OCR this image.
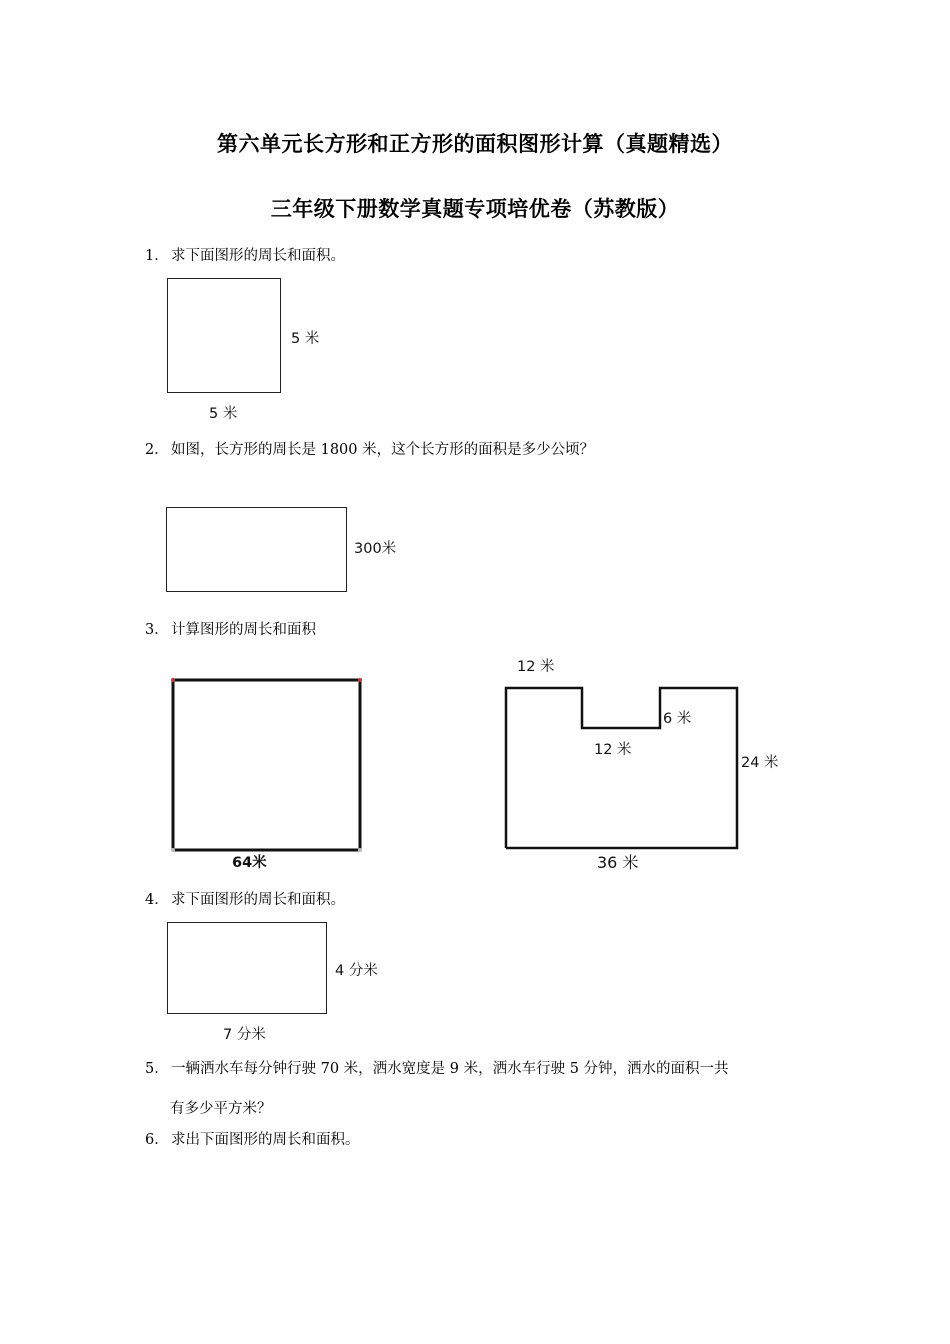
第六单元长方形和正方形的面积图形计算（真题精选）
三年级下册数学真题专项培优卷（苏教版）
1． 求下面图形的周长和面积。
5 米
5 米
2． 如图，长方形的周长是 1800 米，这个长方形的面积是多少公顷？
300米
3． 计算图形的周长和面积
64米
12 米
6 米
12 米
24 米
36 米
4． 求下面图形的周长和面积。
4 分米
7 分米
5． 一辆洒水车每分钟行驶 70 米，洒水宽度是 9 米，洒水车行驶 5 分钟，洒水的面积一共
有多少平方米？
6． 求出下面图形的周长和面积。
